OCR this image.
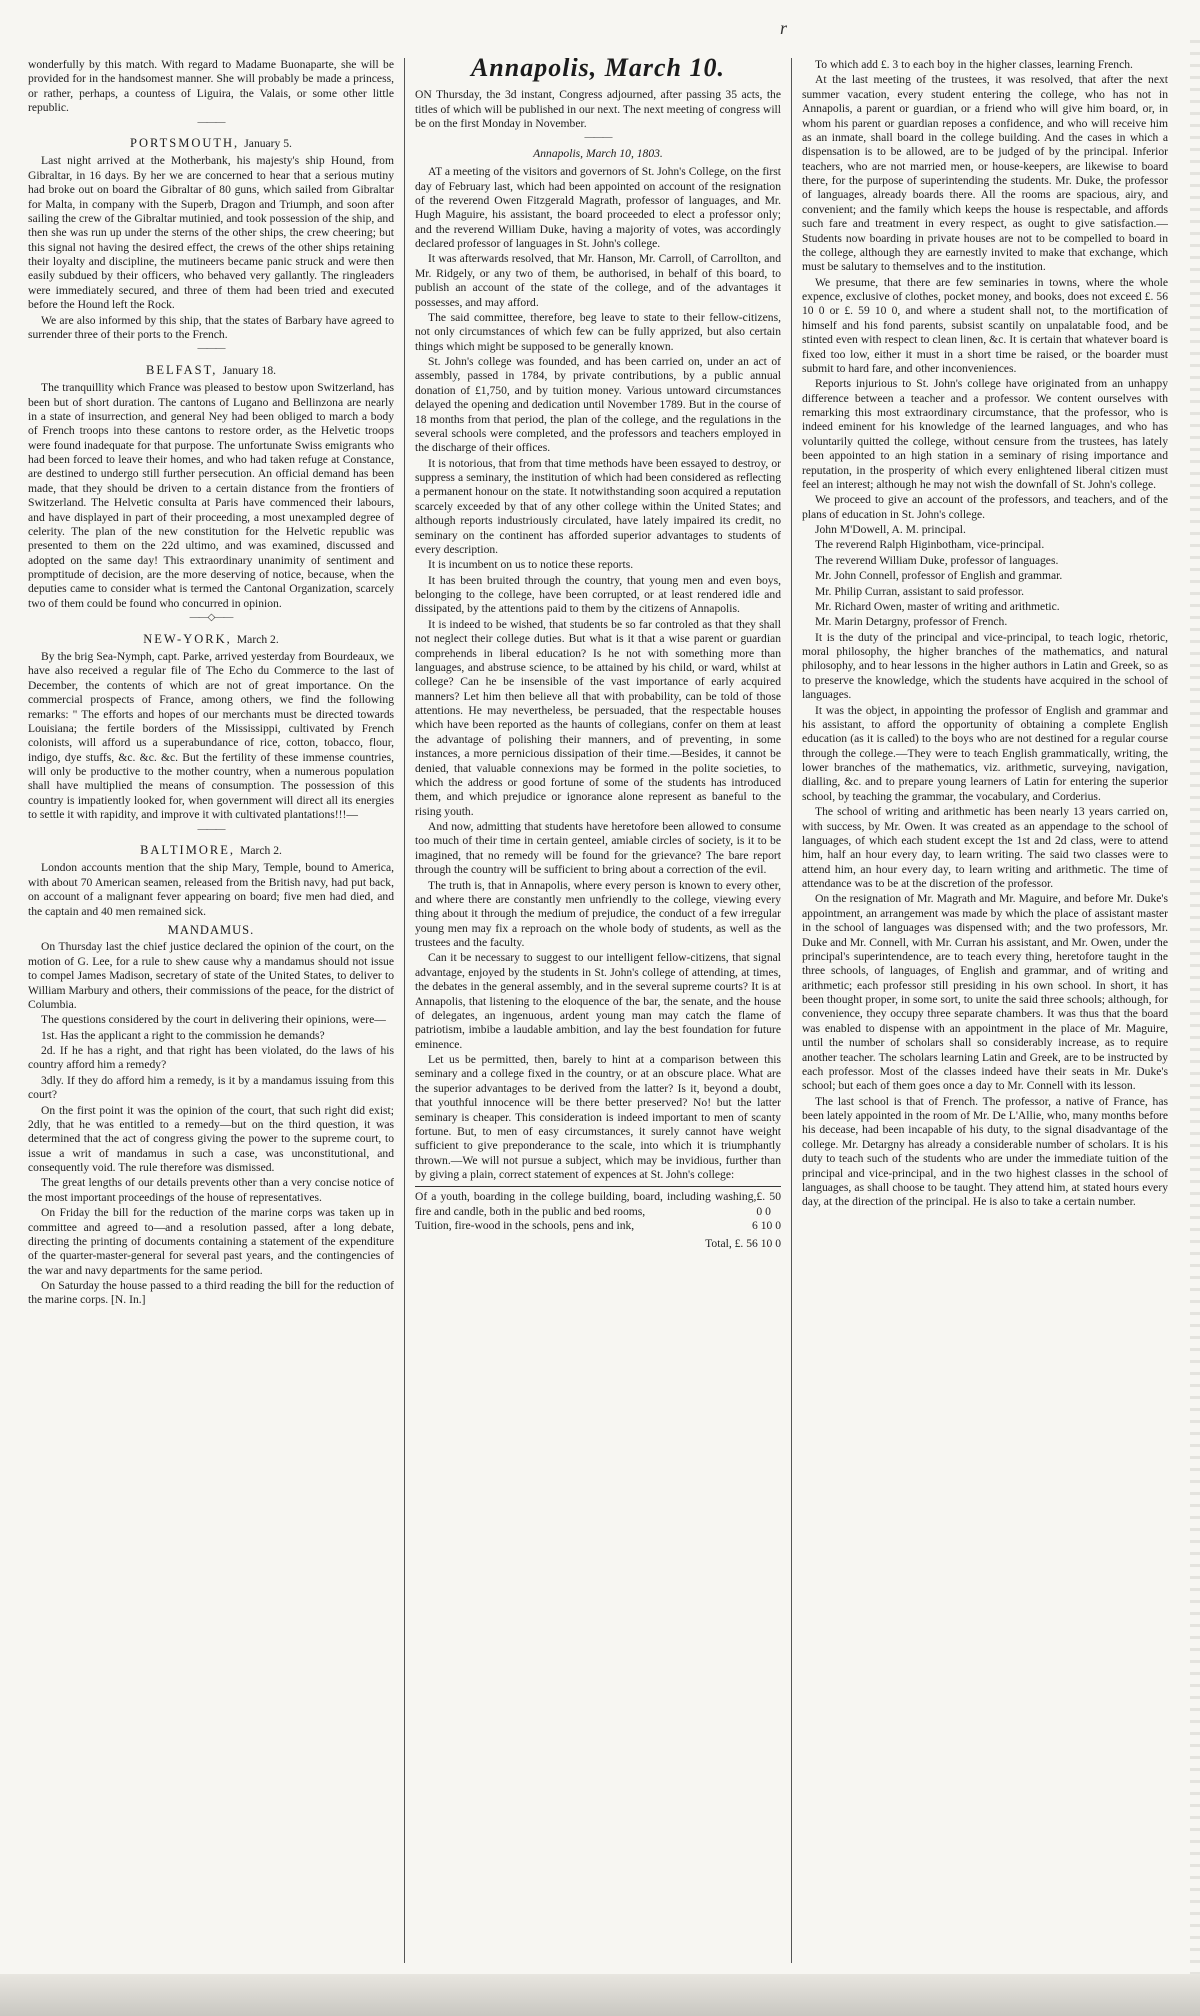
r

wonderfully by this match. With regard to Madame Buonaparte, she will be provided for in the handsomest manner. She will probably be made a princess, or rather, perhaps, a countess of Liguira, the Valais, or some other little republic.

———
PORTSMOUTH, January 5.

Last night arrived at the Motherbank, his majesty's ship Hound, from Gibraltar, in 16 days. By her we are concerned to hear that a serious mutiny had broke out on board the Gibraltar of 80 guns, which sailed from Gibraltar for Malta, in company with the Superb, Dragon and Triumph, and soon after sailing the crew of the Gibraltar mutinied, and took possession of the ship, and then she was run up under the sterns of the other ships, the crew cheering; but this signal not having the desired effect, the crews of the other ships retaining their loyalty and discipline, the mutineers became panic struck and were then easily subdued by their officers, who behaved very gallantly. The ringleaders were immediately secured, and three of them had been tried and executed before the Hound left the Rock.

We are also informed by this ship, that the states of Barbary have agreed to surrender three of their ports to the French.

———
BELFAST, January 18.

The tranquillity which France was pleased to bestow upon Switzerland, has been but of short duration. The cantons of Lugano and Bellinzona are nearly in a state of insurrection, and general Ney had been obliged to march a body of French troops into these cantons to restore order, as the Helvetic troops were found inadequate for that purpose. The unfortunate Swiss emigrants who had been forced to leave their homes, and who had taken refuge at Constance, are destined to undergo still further persecution. An official demand has been made, that they should be driven to a certain distance from the frontiers of Switzerland. The Helvetic consulta at Paris have commenced their labours, and have displayed in part of their proceeding, a most unexampled degree of celerity. The plan of the new constitution for the Helvetic republic was presented to them on the 22d ultimo, and was examined, discussed and adopted on the same day! This extraordinary unanimity of sentiment and promptitude of decision, are the more deserving of notice, because, when the deputies came to consider what is termed the Cantonal Organization, scarcely two of them could be found who concurred in opinion.

——◇——
NEW-YORK, March 2.

By the brig Sea-Nymph, capt. Parke, arrived yesterday from Bourdeaux, we have also received a regular file of The Echo du Commerce to the last of December, the contents of which are not of great importance. On the commercial prospects of France, among others, we find the following remarks: " The efforts and hopes of our merchants must be directed towards Louisiana; the fertile borders of the Mississippi, cultivated by French colonists, will afford us a superabundance of rice, cotton, tobacco, flour, indigo, dye stuffs, &c. &c. &c. But the fertility of these immense countries, will only be productive to the mother country, when a numerous population shall have multiplied the means of consumption. The possession of this country is impatiently looked for, when government will direct all its energies to settle it with rapidity, and improve it with cultivated plantations!!!—

———
BALTIMORE, March 2.

London accounts mention that the ship Mary, Temple, bound to America, with about 70 American seamen, released from the British navy, had put back, on account of a malignant fever appearing on board; five men had died, and the captain and 40 men remained sick.

MANDAMUS.

On Thursday last the chief justice declared the opinion of the court, on the motion of G. Lee, for a rule to shew cause why a mandamus should not issue to compel James Madison, secretary of state of the United States, to deliver to William Marbury and others, their commissions of the peace, for the district of Columbia.

The questions considered by the court in delivering their opinions, were—

1st. Has the applicant a right to the commission he demands?

2d. If he has a right, and that right has been violated, do the laws of his country afford him a remedy?

3dly. If they do afford him a remedy, is it by a mandamus issuing from this court?

On the first point it was the opinion of the court, that such right did exist; 2dly, that he was entitled to a remedy—but on the third question, it was determined that the act of congress giving the power to the supreme court, to issue a writ of mandamus in such a case, was unconstitutional, and consequently void. The rule therefore was dismissed.

The great lengths of our details prevents other than a very concise notice of the most important proceedings of the house of representatives.

On Friday the bill for the reduction of the marine corps was taken up in committee and agreed to—and a resolution passed, after a long debate, directing the printing of documents containing a statement of the expenditure of the quarter-master-general for several past years, and the contingencies of the war and navy departments for the same period.

On Saturday the house passed to a third reading the bill for the reduction of the marine corps. [N. In.]

Annapolis, March 10.

ON Thursday, the 3d instant, Congress adjourned, after passing 35 acts, the titles of which will be published in our next. The next meeting of congress will be on the first Monday in November.

———
Annapolis, March 10, 1803.

AT a meeting of the visitors and governors of St. John's College, on the first day of February last, which had been appointed on account of the resignation of the reverend Owen Fitzgerald Magrath, professor of languages, and Mr. Hugh Maguire, his assistant, the board proceeded to elect a professor only; and the reverend William Duke, having a majority of votes, was accordingly declared professor of languages in St. John's college.

It was afterwards resolved, that Mr. Hanson, Mr. Carroll, of Carrollton, and Mr. Ridgely, or any two of them, be authorised, in behalf of this board, to publish an account of the state of the college, and of the advantages it possesses, and may afford.

The said committee, therefore, beg leave to state to their fellow-citizens, not only circumstances of which few can be fully apprized, but also certain things which might be supposed to be generally known.

St. John's college was founded, and has been carried on, under an act of assembly, passed in 1784, by private contributions, by a public annual donation of £1,750, and by tuition money. Various untoward circumstances delayed the opening and dedication until November 1789. But in the course of 18 months from that period, the plan of the college, and the regulations in the several schools were completed, and the professors and teachers employed in the discharge of their offices.

It is notorious, that from that time methods have been essayed to destroy, or suppress a seminary, the institution of which had been considered as reflecting a permanent honour on the state. It notwithstanding soon acquired a reputation scarcely exceeded by that of any other college within the United States; and although reports industriously circulated, have lately impaired its credit, no seminary on the continent has afforded superior advantages to students of every description.

It is incumbent on us to notice these reports.

It has been bruited through the country, that young men and even boys, belonging to the college, have been corrupted, or at least rendered idle and dissipated, by the attentions paid to them by the citizens of Annapolis.

It is indeed to be wished, that students be so far controled as that they shall not neglect their college duties. But what is it that a wise parent or guardian comprehends in liberal education? Is he not with something more than languages, and abstruse science, to be attained by his child, or ward, whilst at college? Can he be insensible of the vast importance of early acquired manners? Let him then believe all that with probability, can be told of those attentions. He may nevertheless, be persuaded, that the respectable houses which have been reported as the haunts of collegians, confer on them at least the advantage of polishing their manners, and of preventing, in some instances, a more pernicious dissipation of their time.—Besides, it cannot be denied, that valuable connexions may be formed in the polite societies, to which the address or good fortune of some of the students has introduced them, and which prejudice or ignorance alone represent as baneful to the rising youth.

And now, admitting that students have heretofore been allowed to consume too much of their time in certain genteel, amiable circles of society, is it to be imagined, that no remedy will be found for the grievance? The bare report through the country will be sufficient to bring about a correction of the evil.

The truth is, that in Annapolis, where every person is known to every other, and where there are constantly men unfriendly to the college, viewing every thing about it through the medium of prejudice, the conduct of a few irregular young men may fix a reproach on the whole body of students, as well as the trustees and the faculty.

Can it be necessary to suggest to our intelligent fellow-citizens, that signal advantage, enjoyed by the students in St. John's college of attending, at times, the debates in the general assembly, and in the several supreme courts? It is at Annapolis, that listening to the eloquence of the bar, the senate, and the house of delegates, an ingenuous, ardent young man may catch the flame of patriotism, imbibe a laudable ambition, and lay the best foundation for future eminence.

Let us be permitted, then, barely to hint at a comparison between this seminary and a college fixed in the country, or at an obscure place. What are the superior advantages to be derived from the latter? Is it, beyond a doubt, that youthful innocence will be there better preserved? No! but the latter seminary is cheaper. This consideration is indeed important to men of scanty fortune. But, to men of easy circumstances, it surely cannot have weight sufficient to give preponderance to the scale, into which it is triumphantly thrown.—We will not pursue a subject, which may be invidious, further than by giving a plain, correct statement of expences at St. John's college:

Of a youth, boarding in the college building, board, including washing, fire and candle, both in the public and bed rooms,
£. 50 0 0
Tuition, fire-wood in the schools, pens and ink,	6 10 0
Total, £. 56 10 0

To which add £. 3 to each boy in the higher classes, learning French.

At the last meeting of the trustees, it was resolved, that after the next summer vacation, every student entering the college, who has not in Annapolis, a parent or guardian, or a friend who will give him board, or, in whom his parent or guardian reposes a confidence, and who will receive him as an inmate, shall board in the college building. And the cases in which a dispensation is to be allowed, are to be judged of by the principal. Inferior teachers, who are not married men, or house-keepers, are likewise to board there, for the purpose of superintending the students. Mr. Duke, the professor of languages, already boards there. All the rooms are spacious, airy, and convenient; and the family which keeps the house is respectable, and affords such fare and treatment in every respect, as ought to give satisfaction.—Students now boarding in private houses are not to be compelled to board in the college, although they are earnestly invited to make that exchange, which must be salutary to themselves and to the institution.

We presume, that there are few seminaries in towns, where the whole expence, exclusive of clothes, pocket money, and books, does not exceed £. 56 10 0 or £. 59 10 0, and where a student shall not, to the mortification of himself and his fond parents, subsist scantily on unpalatable food, and be stinted even with respect to clean linen, &c. It is certain that whatever board is fixed too low, either it must in a short time be raised, or the boarder must submit to hard fare, and other inconveniences.

Reports injurious to St. John's college have originated from an unhappy difference between a teacher and a professor. We content ourselves with remarking this most extraordinary circumstance, that the professor, who is indeed eminent for his knowledge of the learned languages, and who has voluntarily quitted the college, without censure from the trustees, has lately been appointed to an high station in a seminary of rising importance and reputation, in the prosperity of which every enlightened liberal citizen must feel an interest; although he may not wish the downfall of St. John's college.

We proceed to give an account of the professors, and teachers, and of the plans of education in St. John's college.

John M'Dowell, A. M. principal.

The reverend Ralph Higinbotham, vice-principal.

The reverend William Duke, professor of languages.

Mr. John Connell, professor of English and grammar.

Mr. Philip Curran, assistant to said professor.

Mr. Richard Owen, master of writing and arithmetic.

Mr. Marin Detargny, professor of French.

It is the duty of the principal and vice-principal, to teach logic, rhetoric, moral philosophy, the higher branches of the mathematics, and natural philosophy, and to hear lessons in the higher authors in Latin and Greek, so as to preserve the knowledge, which the students have acquired in the school of languages.

It was the object, in appointing the professor of English and grammar and his assistant, to afford the opportunity of obtaining a complete English education (as it is called) to the boys who are not destined for a regular course through the college.—They were to teach English grammatically, writing, the lower branches of the mathematics, viz. arithmetic, surveying, navigation, dialling, &c. and to prepare young learners of Latin for entering the superior school, by teaching the grammar, the vocabulary, and Corderius.

The school of writing and arithmetic has been nearly 13 years carried on, with success, by Mr. Owen. It was created as an appendage to the school of languages, of which each student except the 1st and 2d class, were to attend him, half an hour every day, to learn writing. The said two classes were to attend him, an hour every day, to learn writing and arithmetic. The time of attendance was to be at the discretion of the professor.

On the resignation of Mr. Magrath and Mr. Maguire, and before Mr. Duke's appointment, an arrangement was made by which the place of assistant master in the school of languages was dispensed with; and the two professors, Mr. Duke and Mr. Connell, with Mr. Curran his assistant, and Mr. Owen, under the principal's superintendence, are to teach every thing, heretofore taught in the three schools, of languages, of English and grammar, and of writing and arithmetic; each professor still presiding in his own school. In short, it has been thought proper, in some sort, to unite the said three schools; although, for convenience, they occupy three separate chambers. It was thus that the board was enabled to dispense with an appointment in the place of Mr. Maguire, until the number of scholars shall so considerably increase, as to require another teacher. The scholars learning Latin and Greek, are to be instructed by each professor. Most of the classes indeed have their seats in Mr. Duke's school; but each of them goes once a day to Mr. Connell with its lesson.

The last school is that of French. The professor, a native of France, has been lately appointed in the room of Mr. De L'Allie, who, many months before his decease, had been incapable of his duty, to the signal disadvantage of the college. Mr. Detargny has already a considerable number of scholars. It is his duty to teach such of the students who are under the immediate tuition of the principal and vice-principal, and in the two highest classes in the school of languages, as shall choose to be taught. They attend him, at stated hours every day, at the direction of the principal. He is also to take a certain number.
